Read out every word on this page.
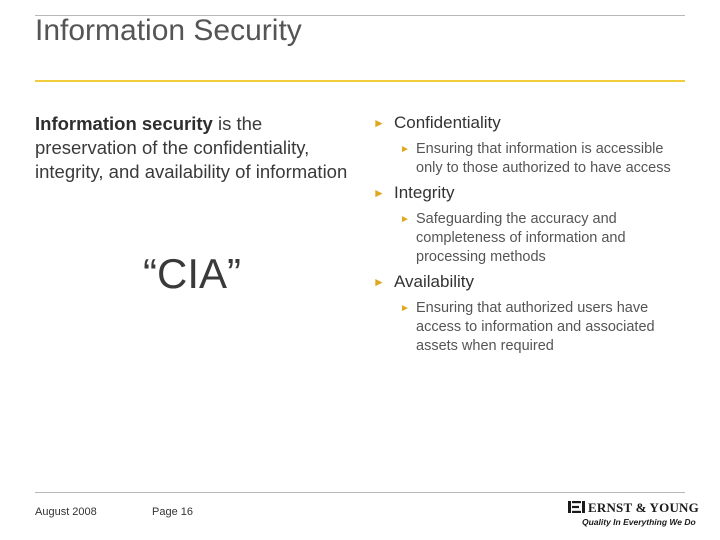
Information Security
Information security is the preservation of the confidentiality, integrity, and availability of information
“CIA”
► Confidentiality
► Ensuring that information is accessible only to those authorized to have access
► Integrity
► Safeguarding the accuracy and completeness of information and processing methods
► Availability
► Ensuring that authorized users have access to information and associated assets when required
August 2008	Page 16	ERNST & YOUNG
Quality In Everything We Do
